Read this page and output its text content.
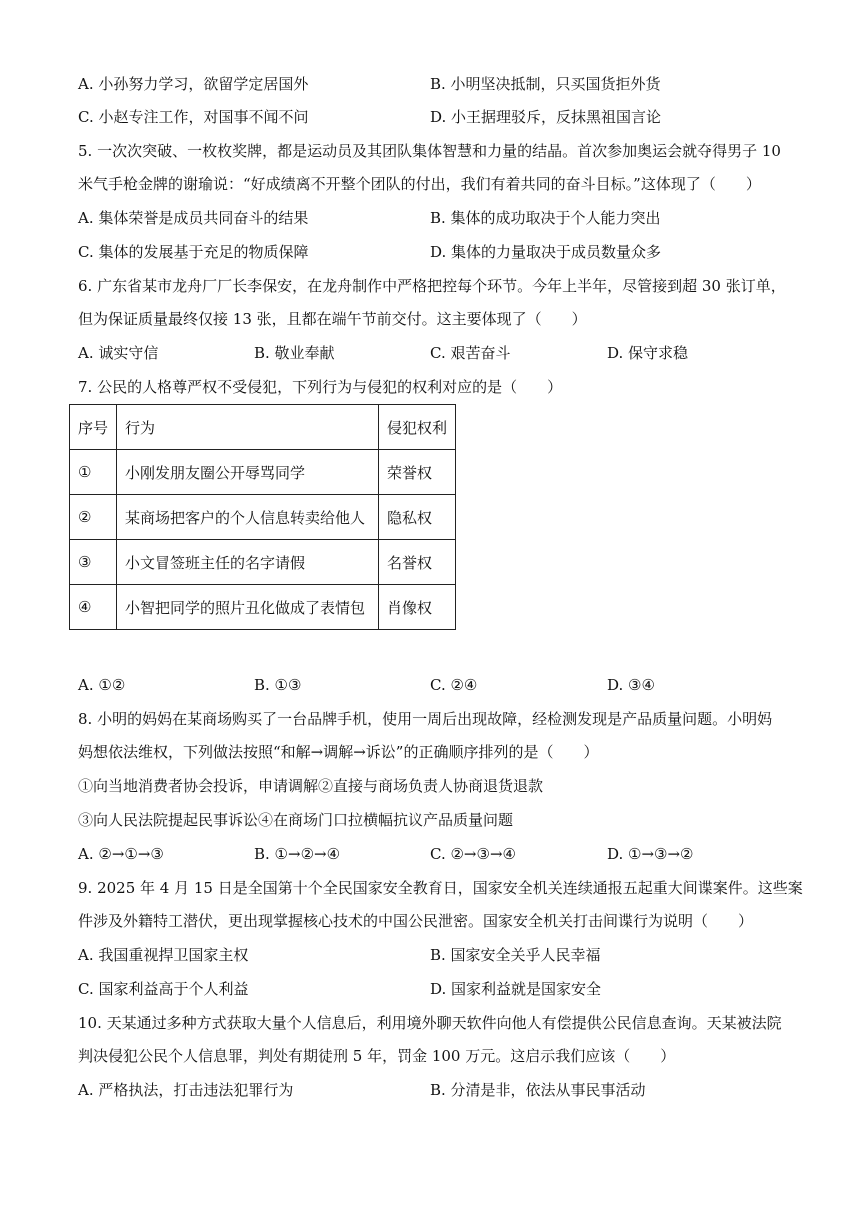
A. 小孙努力学习，欲留学定居国外	B. 小明坚决抵制，只买国货拒外货
C. 小赵专注工作，对国事不闻不问	D. 小王据理驳斥，反抹黑祖国言论
5. 一次次突破、一枚枚奖牌，都是运动员及其团队集体智慧和力量的结晶。首次参加奥运会就夺得男子 10
米气手枪金牌的谢瑜说：“好成绩离不开整个团队的付出，我们有着共同的奋斗目标。”这体现了（　　）
A. 集体荣誉是成员共同奋斗的结果	B. 集体的成功取决于个人能力突出
C. 集体的发展基于充足的物质保障	D. 集体的力量取决于成员数量众多
6. 广东省某市龙舟厂厂长李保安，在龙舟制作中严格把控每个环节。今年上半年，尽管接到超 30 张订单，
但为保证质量最终仅接 13 张，且都在端午节前交付。这主要体现了（　　）
A. 诚实守信	B. 敬业奉献	C. 艰苦奋斗	D. 保守求稳
7. 公民的人格尊严权不受侵犯，下列行为与侵犯的权利对应的是（　　）
序号	行为	侵犯权利
①	小刚发朋友圈公开辱骂同学	荣誉权
②	某商场把客户的个人信息转卖给他人	隐私权
③	小文冒签班主任的名字请假	名誉权
④	小智把同学的照片丑化做成了表情包	肖像权
A. ①②	B. ①③	C. ②④	D. ③④
8. 小明的妈妈在某商场购买了一台品牌手机，使用一周后出现故障，经检测发现是产品质量问题。小明妈
妈想依法维权，下列做法按照“和解→调解→诉讼”的正确顺序排列的是（　　）
①向当地消费者协会投诉，申请调解②直接与商场负责人协商退货退款
③向人民法院提起民事诉讼④在商场门口拉横幅抗议产品质量问题
A. ②→①→③	B. ①→②→④	C. ②→③→④	D. ①→③→②
9. 2025 年 4 月 15 日是全国第十个全民国家安全教育日，国家安全机关连续通报五起重大间谍案件。这些案
件涉及外籍特工潜伏，更出现掌握核心技术的中国公民泄密。国家安全机关打击间谍行为说明（　　）
A. 我国重视捍卫国家主权	B. 国家安全关乎人民幸福
C. 国家利益高于个人利益	D. 国家利益就是国家安全
10. 天某通过多种方式获取大量个人信息后，利用境外聊天软件向他人有偿提供公民信息查询。天某被法院
判决侵犯公民个人信息罪，判处有期徒刑 5 年，罚金 100 万元。这启示我们应该（　　）
A. 严格执法，打击违法犯罪行为	B. 分清是非，依法从事民事活动
